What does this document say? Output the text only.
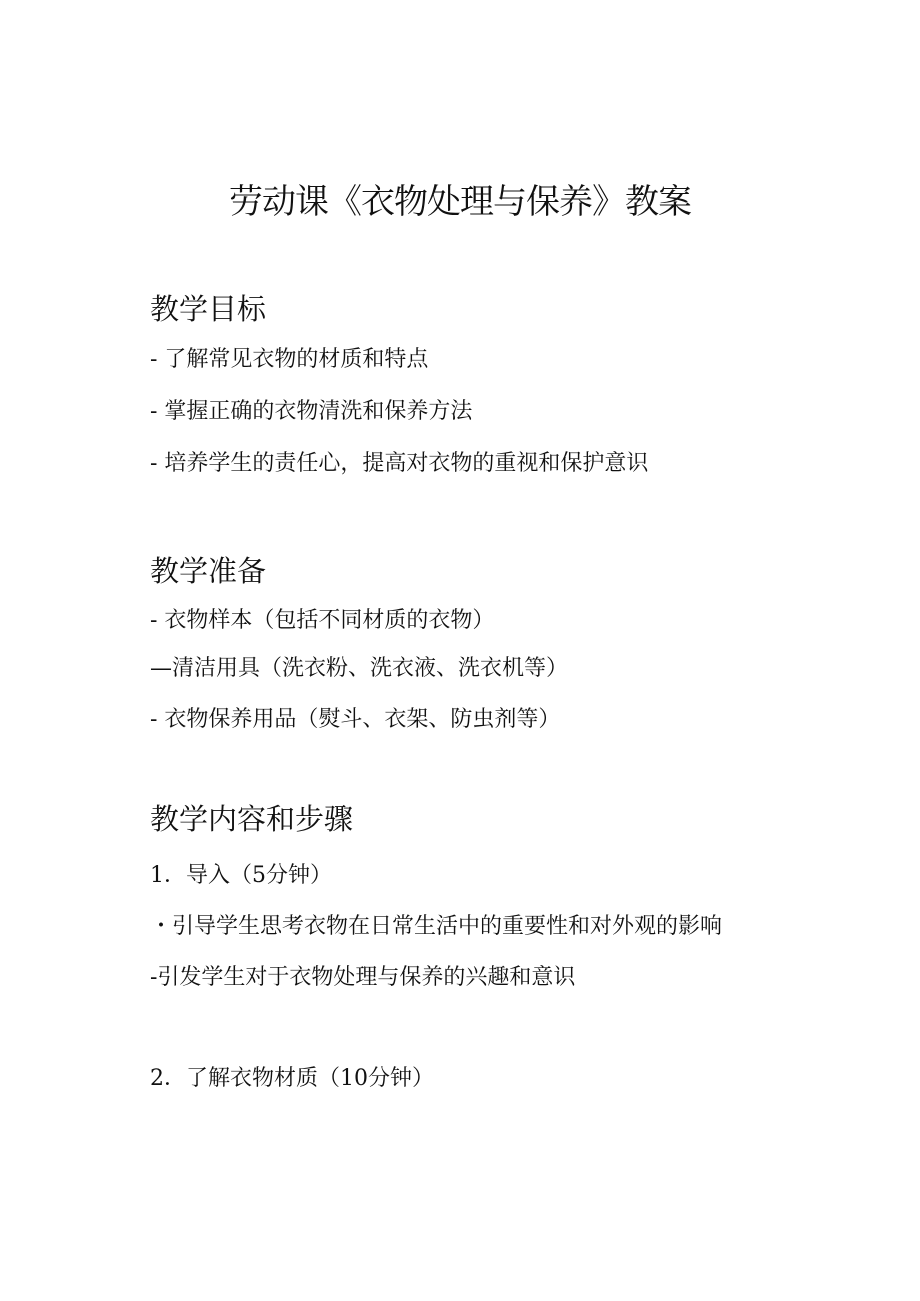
劳动课《衣物处理与保养》教案
教学目标

- 了解常见衣物的材质和特点

- 掌握正确的衣物清洗和保养方法

- 培养学生的责任心，提高对衣物的重视和保护意识

教学准备

- 衣物样本（包括不同材质的衣物）

—清洁用具（洗衣粉、洗衣液、洗衣机等）

- 衣物保养用品（熨斗、衣架、防虫剂等）

教学内容和步骤

1．导入（5分钟）

・引导学生思考衣物在日常生活中的重要性和对外观的影响

-引发学生对于衣物处理与保养的兴趣和意识

2．了解衣物材质（10分钟）
